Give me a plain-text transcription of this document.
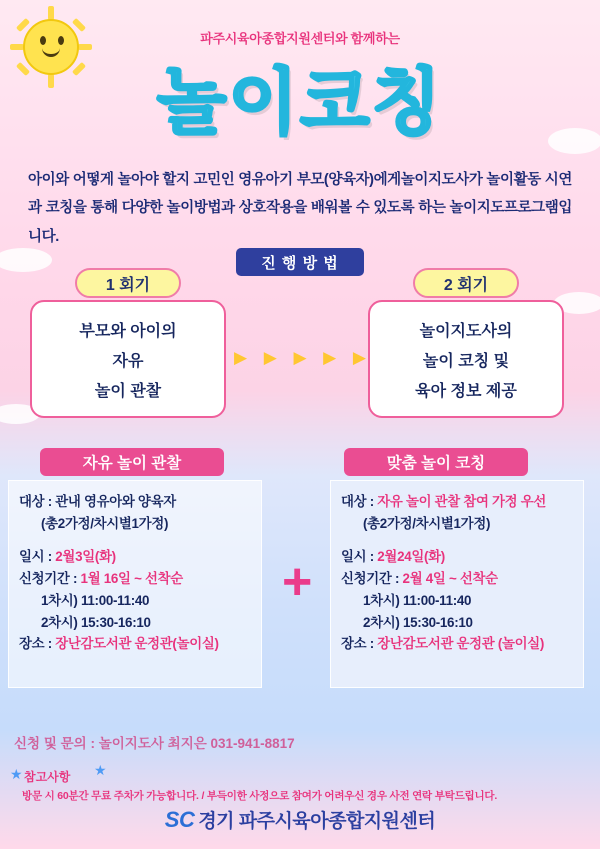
파주시육아종합지원센터와 함께하는
놀이코칭
아이와 어떻게 놀아야 할지 고민인 영유아기 부모(양육자)에게놀이지도사가 놀이활동 시연과 코칭을 통해 다양한 놀이방법과 상호작용을 배워볼 수 있도록 하는 놀이지도프로그램입니다.
진 행 방 법
1 회기
부모와 아이의
자유
놀이 관찰
2 회기
놀이지도사의
놀이 코칭 및
육아 정보 제공
▶ ▶ ▶ ▶ ▶
자유 놀이 관찰
대상 : 관내 영유아와 양육자
(총2가정/차시별1가정)
일시 : 2월3일(화)
신청기간 : 1월 16일 ~ 선착순
1차시) 11:00-11:40
2차시) 15:30-16:10
장소 : 장난감도서관 운정관(놀이실)
맞춤 놀이 코칭
대상 : 자유 놀이 관찰 참여 가정 우선
(총2가정/차시별1가정)
일시 : 2월24일(화)
신청기간 : 2월 4일 ~ 선착순
1차시) 11:00-11:40
2차시) 15:30-16:10
장소 : 장난감도서관 운정관 (놀이실)
+
신청 및 문의 : 놀이지도사 최지은 031-941-8817
★	★
참고사항
방문 시 60분간 무료 주차가 가능합니다. / 부득이한 사정으로 참여가 어려우신 경우 사전 연락 부탁드립니다.
SC 경기 파주시육아종합지원센터
